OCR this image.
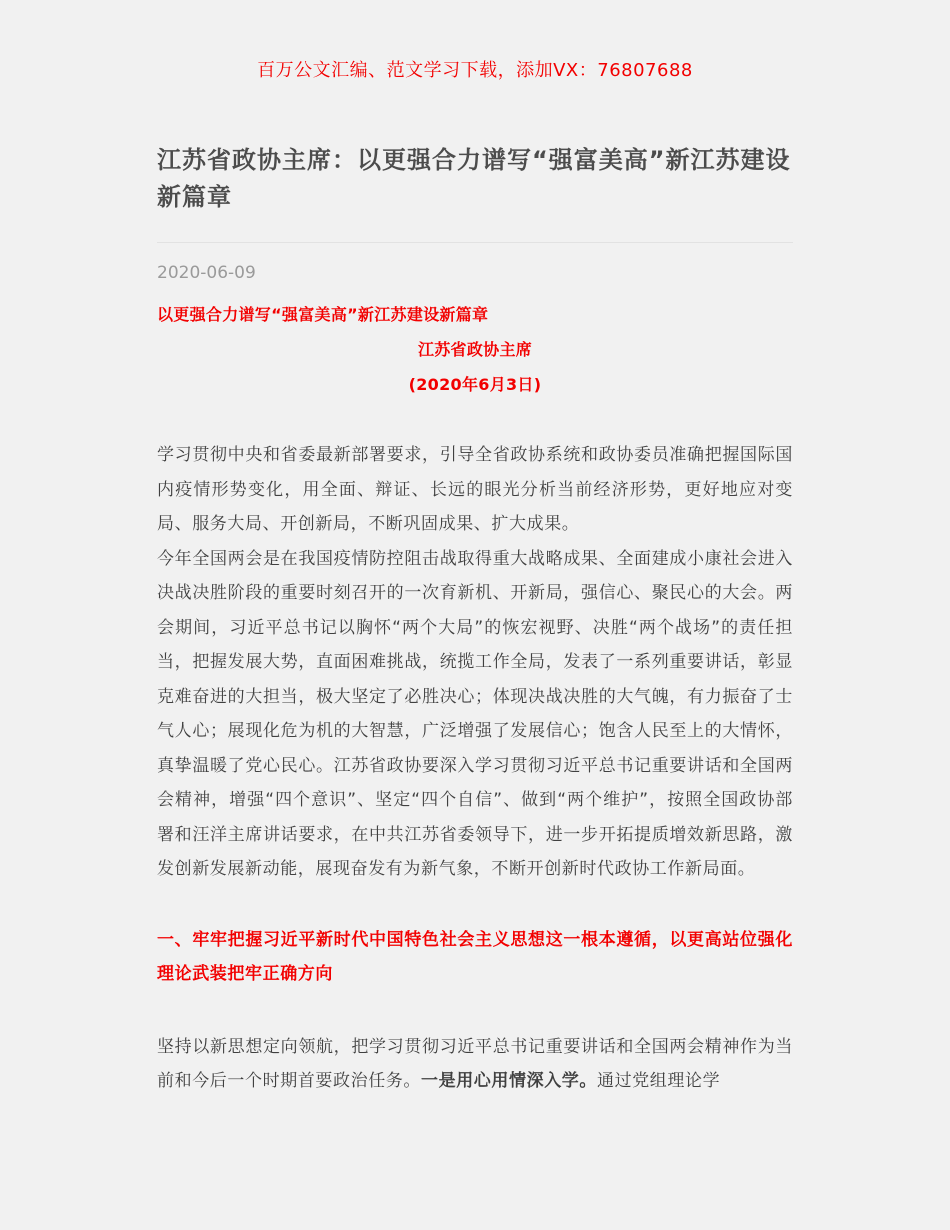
百万公文汇编、范文学习下载，添加VX：76807688
江苏省政协主席：以更强合力谱写“强富美高”新江苏建设新篇章
2020-06-09
以更强合力谱写“强富美高”新江苏建设新篇章
江苏省政协主席
(2020年6月3日)

学习贯彻中央和省委最新部署要求，引导全省政协系统和政协委员准确把握国际国内疫情形势变化，用全面、辩证、长远的眼光分析当前经济形势，更好地应对变局、服务大局、开创新局，不断巩固成果、扩大成果。

今年全国两会是在我国疫情防控阻击战取得重大战略成果、全面建成小康社会进入决战决胜阶段的重要时刻召开的一次育新机、开新局，强信心、聚民心的大会。两会期间，习近平总书记以胸怀“两个大局”的恢宏视野、决胜“两个战场”的责任担当，把握发展大势，直面困难挑战，统揽工作全局，发表了一系列重要讲话，彰显克难奋进的大担当，极大坚定了必胜决心；体现决战决胜的大气魄，有力振奋了士气人心；展现化危为机的大智慧，广泛增强了发展信心；饱含人民至上的大情怀，真挚温暖了党心民心。江苏省政协要深入学习贯彻习近平总书记重要讲话和全国两会精神，增强“四个意识”、坚定“四个自信”、做到“两个维护”，按照全国政协部署和汪洋主席讲话要求，在中共江苏省委领导下，进一步开拓提质增效新思路，激发创新发展新动能，展现奋发有为新气象，不断开创新时代政协工作新局面。

一、牢牢把握习近平新时代中国特色社会主义思想这一根本遵循，以更高站位强化理论武装把牢正确方向

坚持以新思想定向领航，把学习贯彻习近平总书记重要讲话和全国两会精神作为当前和今后一个时期首要政治任务。一是用心用情深入学。通过党组理论学
